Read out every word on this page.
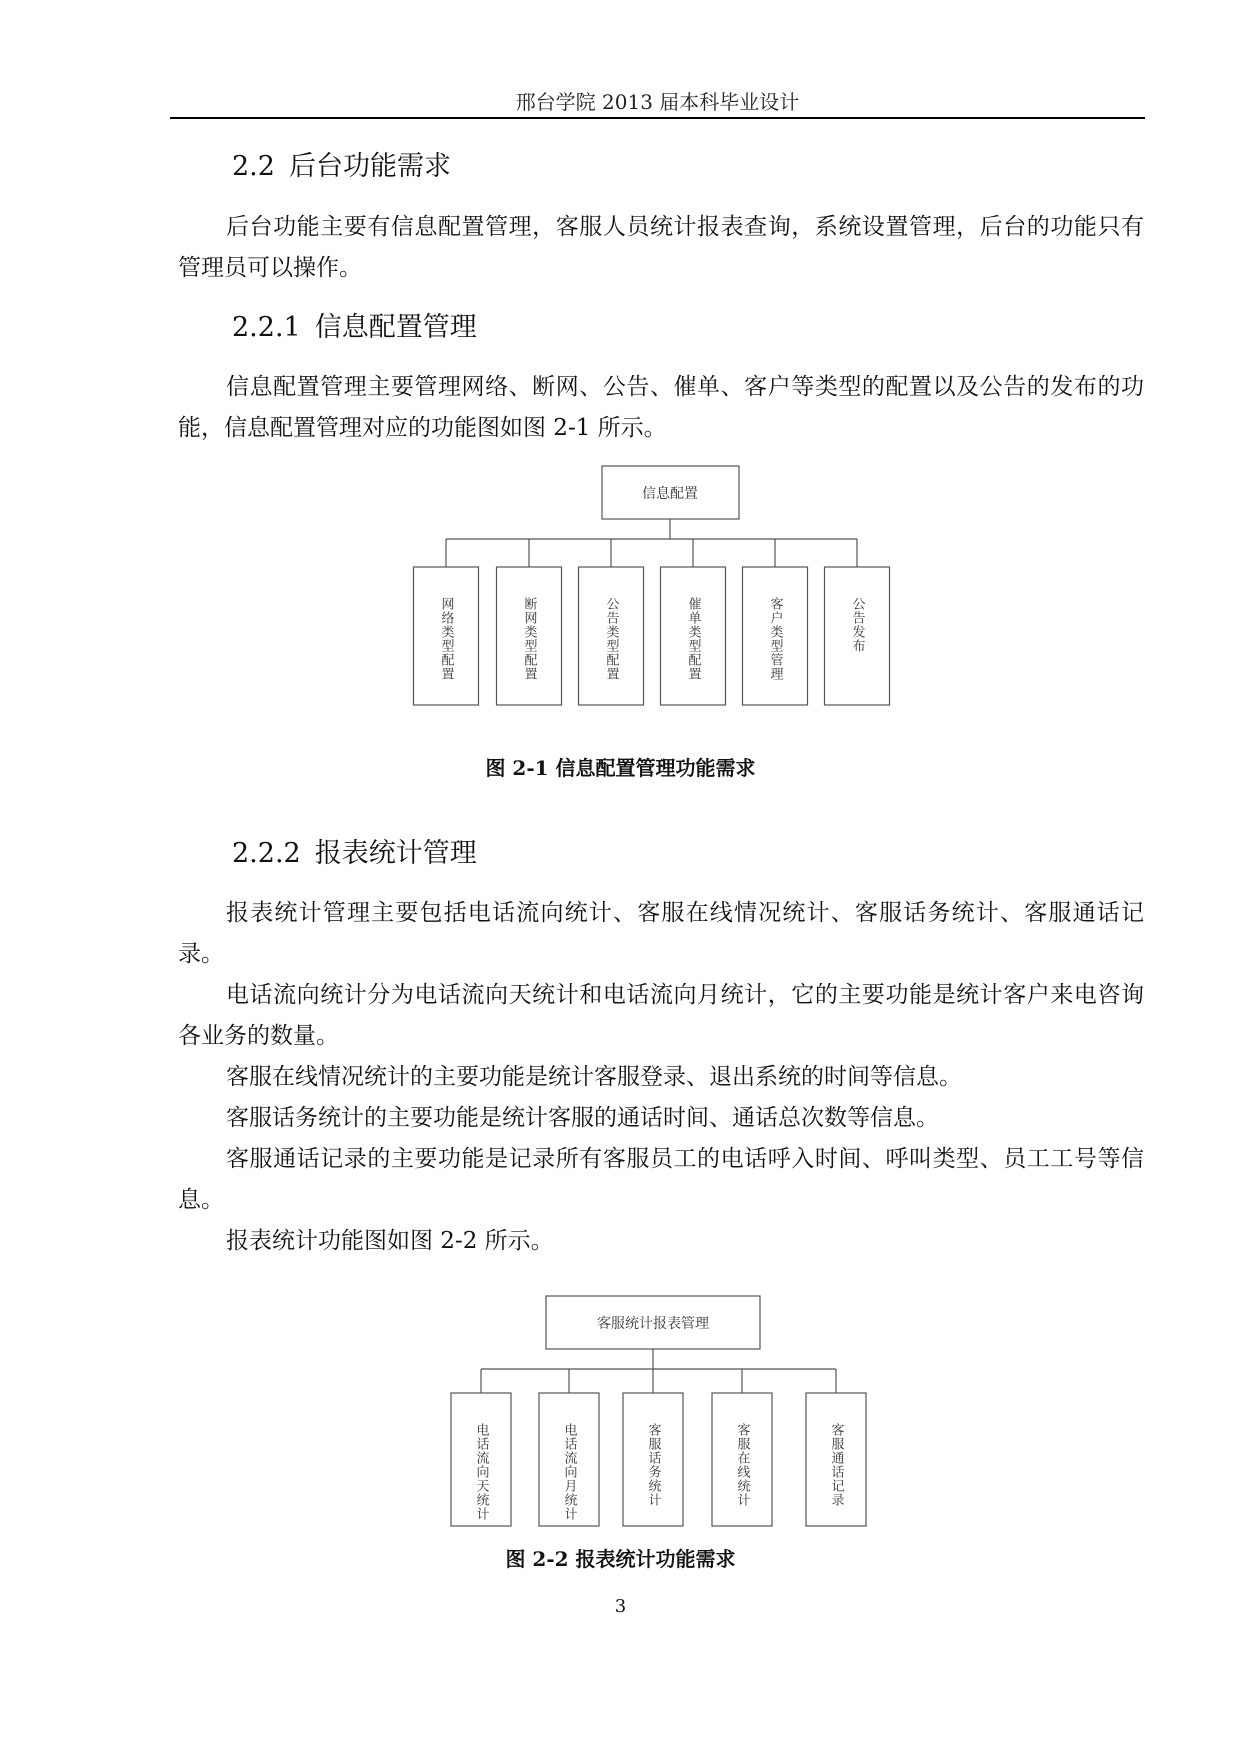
邢台学院 2013 届本科毕业设计
2.2 后台功能需求
后台功能主要有信息配置管理，客服人员统计报表查询，系统设置管理，后台的功能只有管理员可以操作。
2.2.1 信息配置管理
信息配置管理主要管理网络、断网、公告、催单、客户等类型的配置以及公告的发布的功能，信息配置管理对应的功能图如图 2-1 所示。
信息配置
网络类型配置	断网类型配置	公告类型配置	催单类型配置	客户类型管理	公告发布
图 2-1 信息配置管理功能需求
2.2.2 报表统计管理
报表统计管理主要包括电话流向统计、客服在线情况统计、客服话务统计、客服通话记录。
电话流向统计分为电话流向天统计和电话流向月统计，它的主要功能是统计客户来电咨询各业务的数量。
客服在线情况统计的主要功能是统计客服登录、退出系统的时间等信息。
客服话务统计的主要功能是统计客服的通话时间、通话总次数等信息。
客服通话记录的主要功能是记录所有客服员工的电话呼入时间、呼叫类型、员工工号等信息。
报表统计功能图如图 2-2 所示。
客服统计报表管理
电话流向天统计	电话流向月统计	客服话务统计	客服在线统计	客服通话记录
图 2-2 报表统计功能需求
3
